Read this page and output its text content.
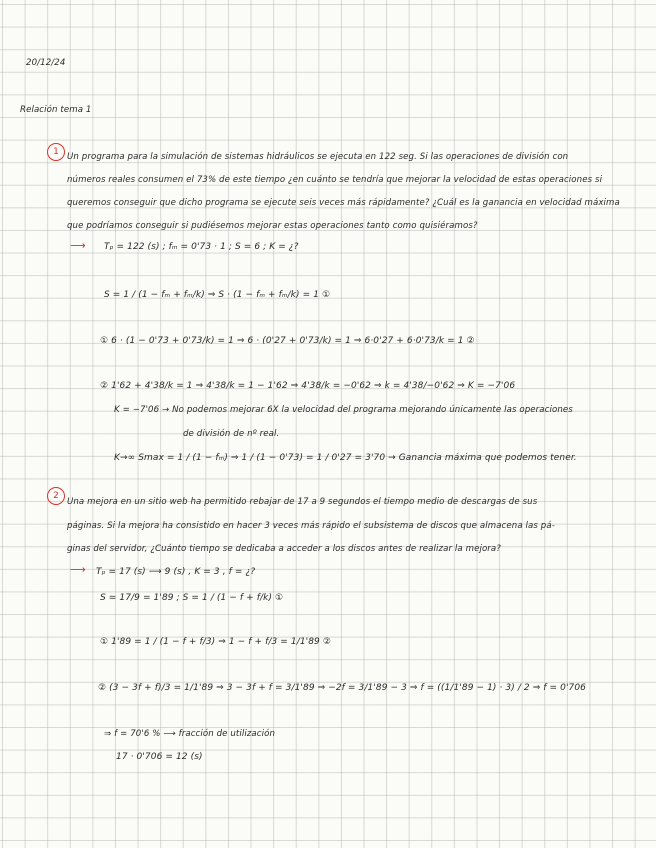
20/12/24
Relación tema 1
1 Un programa para la simulación de sistemas hidráulicos se ejecuta en 122 seg. Si las operaciones de división con
números reales consumen el 73% de este tiempo ¿en cuánto se tendría que mejorar la velocidad de estas operaciones si
queremos conseguir que dicho programa se ejecute seis veces más rápidamente? ¿Cuál es la ganancia en velocidad máxima
que podríamos conseguir si pudiésemos mejorar estas operaciones tanto como quisiéramos?
⟶ Tₚ = 122 (s) ; fₘ = 0'73 · 1 ; S = 6 ; K = ¿?
S = 1 / (1 − fₘ + fₘ/k) ⇒ S · (1 − fₘ + fₘ/k) = 1 ①
① 6 · (1 − 0'73 + 0'73/k) = 1 ⇒ 6 · (0'27 + 0'73/k) = 1 ⇒ 6·0'27 + 6·0'73/k = 1 ②
② 1'62 + 4'38/k = 1 ⇒ 4'38/k = 1 − 1'62 ⇒ 4'38/k = −0'62 ⇒ k = 4'38/−0'62 ⇒ K = −7'06
K = −7'06 → No podemos mejorar 6X la velocidad del programa mejorando únicamente las operaciones
de división de nº real.
K→∞ Smax = 1 / (1 − fₘ) ⇒ 1 / (1 − 0'73) = 1 / 0'27 = 3'70 → Ganancia máxima que podemos tener.
2
Una mejora en un sitio web ha permitido rebajar de 17 a 9 segundos el tiempo medio de descargas de sus
páginas. Si la mejora ha consistido en hacer 3 veces más rápido el subsistema de discos que almacena las pá-
ginas del servidor, ¿Cuánto tiempo se dedicaba a acceder a los discos antes de realizar la mejora?
⟶ Tₚ = 17 (s) ⟶ 9 (s) , K = 3 , f = ¿?
S = 17/9 = 1'89 ; S = 1 / (1 − f + f/k) ①
① 1'89 = 1 / (1 − f + f/3) ⇒ 1 − f + f/3 = 1/1'89 ②
② (3 − 3f + f)/3 = 1/1'89 ⇒ 3 − 3f + f = 3/1'89 ⇒ −2f = 3/1'89 − 3 ⇒ f = ((1/1'89 − 1) · 3) / 2 ⇒ f = 0'706
⇒ f = 70'6 % ⟶ fracción de utilización
17 · 0'706 = 12 (s)
